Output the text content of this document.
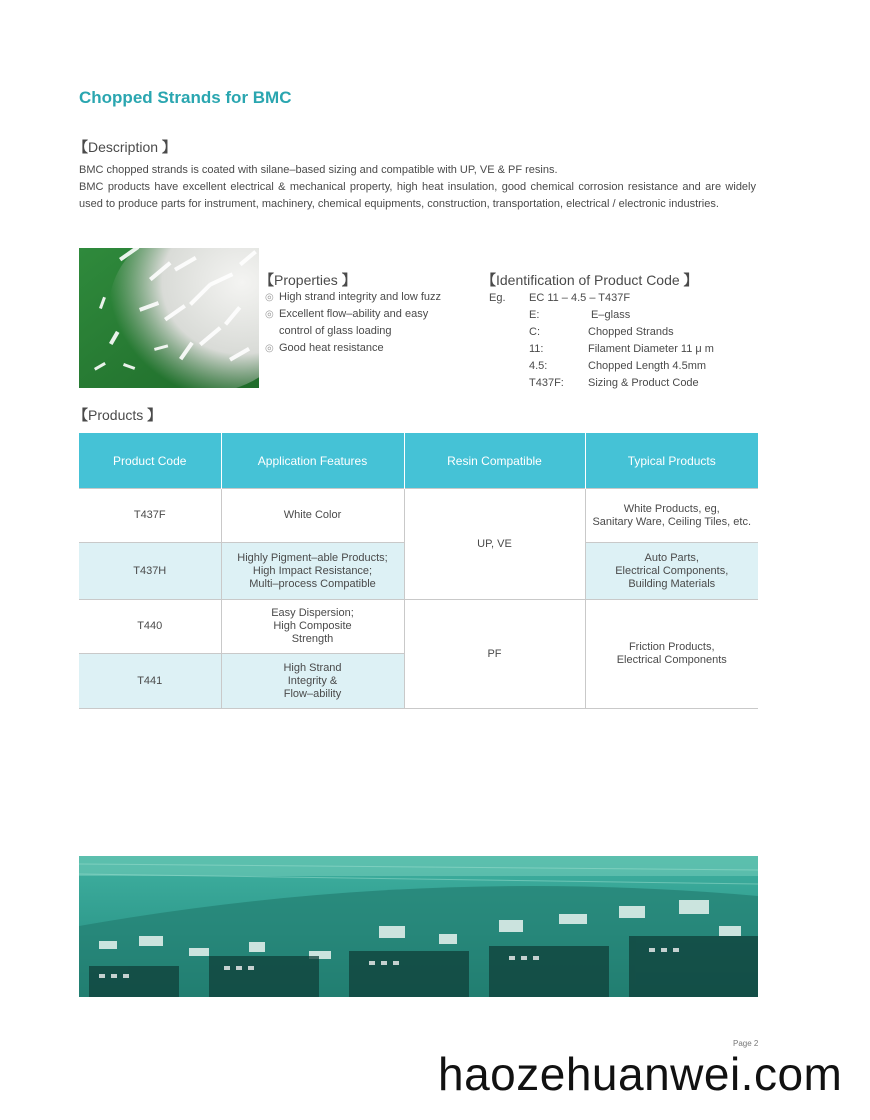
Chopped Strands for BMC
【Description 】

BMC chopped strands is coated with silane–based sizing and compatible with UP, VE & PF resins.

BMC products have excellent electrical & mechanical property, high heat insulation, good chemical corrosion resistance and are widely used to produce parts for instrument, machinery, chemical equipments, construction, transportation, electrical / electronic industries.

【Properties 】
◎ High strand integrity and low fuzz
◎ Excellent flow–ability and easy control of glass loading
◎ Good heat resistance
【Identification of Product Code 】
Eg. EC 11 – 4.5 – T437F
E:	E–glass
C:	Chopped Strands
11:	Filament Diameter 11 μ m
4.5:	Chopped Length 4.5mm
T437F: Sizing & Product Code
【Products 】
Product Code	Application Features	Resin Compatible	Typical Products
T437F	White Color	UP, VE	White Products, eg,
Sanitary Ware, Ceiling Tiles, etc.
T437H	Highly Pigment–able Products;
High Impact Resistance;
Multi–process Compatible		Auto Parts,
Electrical Components,
Building Materials
T440	Easy Dispersion;
High Composite
Strength	PF	Friction Products,
Electrical Components
T441	High Strand
Integrity &
Flow–ability		
Page 2
haozehuanwei.com
